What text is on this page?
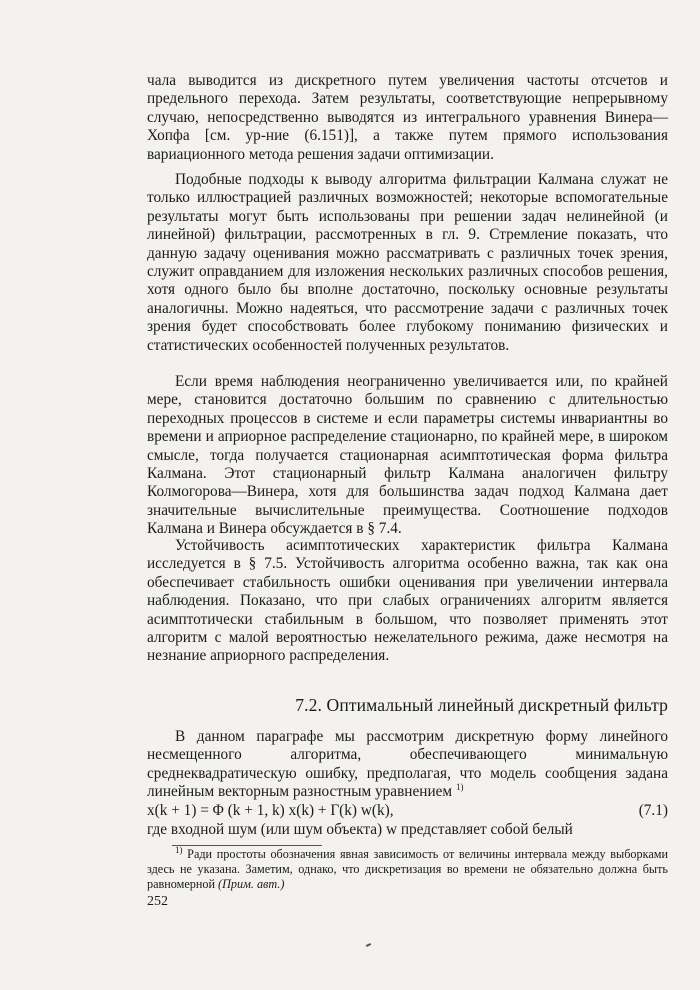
чала выводится из дискретного путем увеличения частоты отсчетов и предельного перехода. Затем результаты, соответствующие непрерывному случаю, непосредственно выводятся из интегрального уравнения Винера—Хопфа [см. ур-ние (6.151)], а также путем прямого использования вариационного метода решения задачи оптимизации.

Подобные подходы к выводу алгоритма фильтрации Калмана служат не только иллюстрацией различных возможностей; некоторые вспомогательные результаты могут быть использованы при решении задач нелинейной (и линейной) фильтрации, рассмотренных в гл. 9. Стремление показать, что данную задачу оценивания можно рассматривать с различных точек зрения, служит оправданием для изложения нескольких различных способов решения, хотя одного было бы вполне достаточно, поскольку основные результаты аналогичны. Можно надеяться, что рассмотрение задачи с различных точек зрения будет способствовать более глубокому пониманию физических и статистических особенностей полученных результатов.

Если время наблюдения неограниченно увеличивается или, по крайней мере, становится достаточно большим по сравнению с длительностью переходных процессов в системе и если параметры системы инвариантны во времени и априорное распределение стационарно, по крайней мере, в широком смысле, тогда получается стационарная асимптотическая форма фильтра Калмана. Этот стационарный фильтр Калмана аналогичен фильтру Колмогорова—Винера, хотя для большинства задач подход Калмана дает значительные вычислительные преимущества. Соотношение подходов Калмана и Винера обсуждается в § 7.4.

Устойчивость асимптотических характеристик фильтра Калмана исследуется в § 7.5. Устойчивость алгоритма особенно важна, так как она обеспечивает стабильность ошибки оценивания при увеличении интервала наблюдения. Показано, что при слабых ограничениях алгоритм является асимптотически стабильным в большом, что позволяет применять этот алгоритм с малой вероятностью нежелательного режима, даже несмотря на незнание априорного распределения.

7.2. Оптимальный линейный дискретный фильтр

В данном параграфе мы рассмотрим дискретную форму линейного несмещенного алгоритма, обеспечивающего минимальную среднеквадратическую ошибку, предполагая, что модель сообщения задана линейным векторным разностным уравнением $^{1)}$

x(k + 1) = Φ (k + 1, k) x(k) + Γ(k) w(k),	(7.1)

где входной шум (или шум объекта) w представляет собой белый

$^{1)}$ Ради простоты обозначения явная зависимость от величины интервала между выборками здесь не указана. Заметим, однако, что дискретизация во времени не обязательно должна быть равномерной (Прим. авт.)

252
